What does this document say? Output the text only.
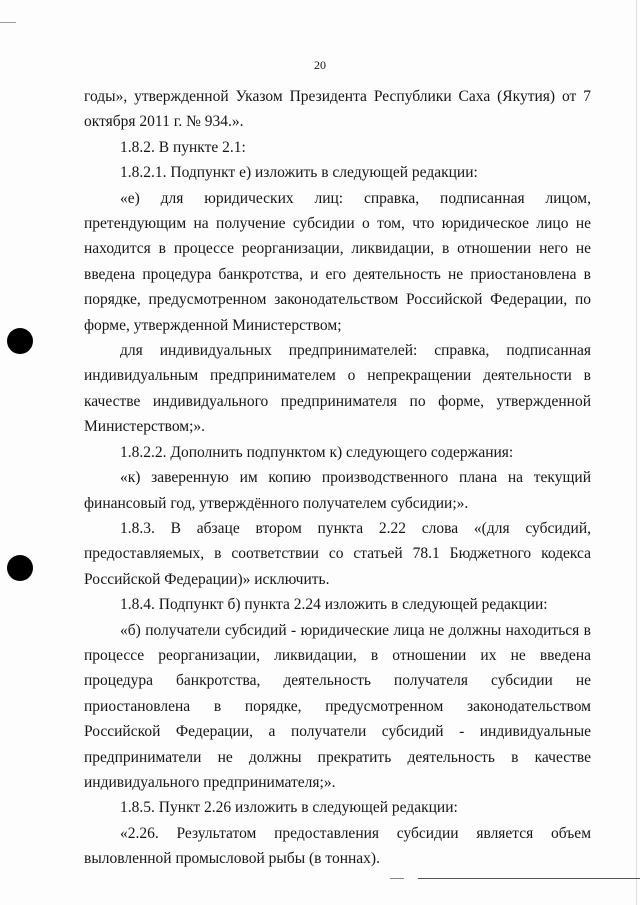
20

годы», утвержденной Указом Президента Республики Саха (Якутия) от 7 октября 2011 г. № 934.».

1.8.2. В пункте 2.1:

1.8.2.1. Подпункт е) изложить в следующей редакции:

«е) для юридических лиц: справка, подписанная лицом, претендующим на получение субсидии о том, что юридическое лицо не находится в процессе реорганизации, ликвидации, в отношении него не введена процедура банкротства, и его деятельность не приостановлена в порядке, предусмотренном законодательством Российской Федерации, по форме, утвержденной Министерством;

для индивидуальных предпринимателей: справка, подписанная индивидуальным предпринимателем о непрекращении деятельности в качестве индивидуального предпринимателя по форме, утвержденной Министерством;».

1.8.2.2. Дополнить подпунктом к) следующего содержания:

«к) заверенную им копию производственного плана на текущий финансовый год, утверждённого получателем субсидии;».

1.8.3. В абзаце втором пункта 2.22 слова «(для субсидий, предоставляемых, в соответствии со статьей 78.1 Бюджетного кодекса Российской Федерации)» исключить.

1.8.4. Подпункт б) пункта 2.24 изложить в следующей редакции:

«б) получатели субсидий - юридические лица не должны находиться в процессе реорганизации, ликвидации, в отношении их не введена процедура банкротства, деятельность получателя субсидии не приостановлена в порядке, предусмотренном законодательством Российской Федерации, а получатели субсидий - индивидуальные предприниматели не должны прекратить деятельность в качестве индивидуального предпринимателя;».

1.8.5. Пункт 2.26 изложить в следующей редакции:

«2.26. Результатом предоставления субсидии является объем выловленной промысловой рыбы (в тоннах).
